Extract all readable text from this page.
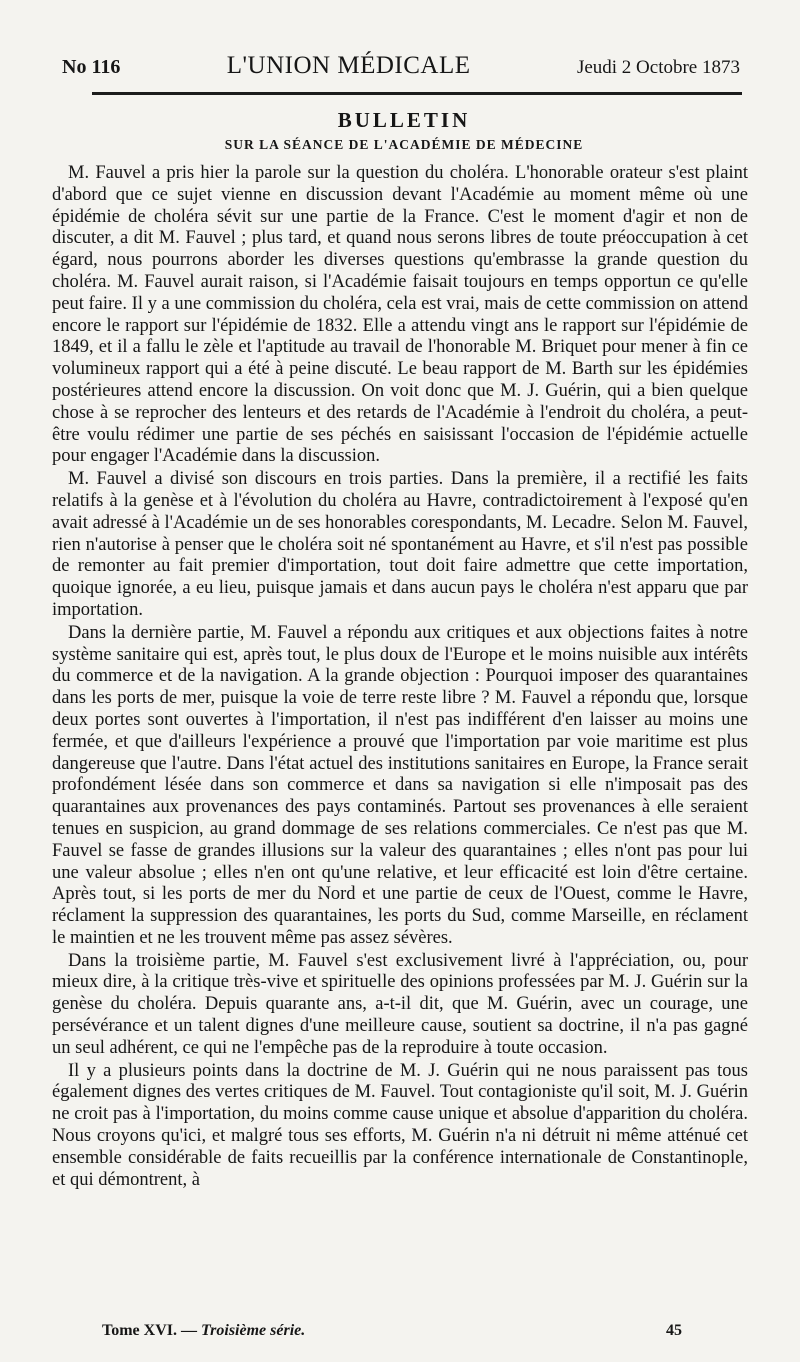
No 116	L'UNION MÉDICALE	Jeudi 2 Octobre 1873
BULLETIN
SUR LA SÉANCE DE L'ACADÉMIE DE MÉDECINE

M. Fauvel a pris hier la parole sur la question du choléra. L'honorable orateur s'est plaint d'abord que ce sujet vienne en discussion devant l'Académie au moment même où une épidémie de choléra sévit sur une partie de la France. C'est le moment d'agir et non de discuter, a dit M. Fauvel ; plus tard, et quand nous serons libres de toute préoccupation à cet égard, nous pourrons aborder les diverses questions qu'embrasse la grande question du choléra. M. Fauvel aurait raison, si l'Académie faisait toujours en temps opportun ce qu'elle peut faire. Il y a une commission du choléra, cela est vrai, mais de cette commission on attend encore le rapport sur l'épidémie de 1832. Elle a attendu vingt ans le rapport sur l'épidémie de 1849, et il a fallu le zèle et l'aptitude au travail de l'honorable M. Briquet pour mener à fin ce volumineux rapport qui a été à peine discuté. Le beau rapport de M. Barth sur les épidémies postérieures attend encore la discussion. On voit donc que M. J. Guérin, qui a bien quelque chose à se reprocher des lenteurs et des retards de l'Académie à l'endroit du choléra, a peut-être voulu rédimer une partie de ses péchés en saisissant l'occasion de l'épidémie actuelle pour engager l'Académie dans la discussion.

M. Fauvel a divisé son discours en trois parties. Dans la première, il a rectifié les faits relatifs à la genèse et à l'évolution du choléra au Havre, contradictoirement à l'exposé qu'en avait adressé à l'Académie un de ses honorables corespondants, M. Lecadre. Selon M. Fauvel, rien n'autorise à penser que le choléra soit né spontanément au Havre, et s'il n'est pas possible de remonter au fait premier d'importation, tout doit faire admettre que cette importation, quoique ignorée, a eu lieu, puisque jamais et dans aucun pays le choléra n'est apparu que par importation.

Dans la dernière partie, M. Fauvel a répondu aux critiques et aux objections faites à notre système sanitaire qui est, après tout, le plus doux de l'Europe et le moins nuisible aux intérêts du commerce et de la navigation. A la grande objection : Pourquoi imposer des quarantaines dans les ports de mer, puisque la voie de terre reste libre ? M. Fauvel a répondu que, lorsque deux portes sont ouvertes à l'importation, il n'est pas indifférent d'en laisser au moins une fermée, et que d'ailleurs l'expérience a prouvé que l'importation par voie maritime est plus dangereuse que l'autre. Dans l'état actuel des institutions sanitaires en Europe, la France serait profondément lésée dans son commerce et dans sa navigation si elle n'imposait pas des quarantaines aux provenances des pays contaminés. Partout ses provenances à elle seraient tenues en suspicion, au grand dommage de ses relations commerciales. Ce n'est pas que M. Fauvel se fasse de grandes illusions sur la valeur des quarantaines ; elles n'ont pas pour lui une valeur absolue ; elles n'en ont qu'une relative, et leur efficacité est loin d'être certaine. Après tout, si les ports de mer du Nord et une partie de ceux de l'Ouest, comme le Havre, réclament la suppression des quarantaines, les ports du Sud, comme Marseille, en réclament le maintien et ne les trouvent même pas assez sévères.

Dans la troisième partie, M. Fauvel s'est exclusivement livré à l'appréciation, ou, pour mieux dire, à la critique très-vive et spirituelle des opinions professées par M. J. Guérin sur la genèse du choléra. Depuis quarante ans, a-t-il dit, que M. Guérin, avec un courage, une persévérance et un talent dignes d'une meilleure cause, soutient sa doctrine, il n'a pas gagné un seul adhérent, ce qui ne l'empêche pas de la reproduire à toute occasion.

Il y a plusieurs points dans la doctrine de M. J. Guérin qui ne nous paraissent pas tous également dignes des vertes critiques de M. Fauvel. Tout contagioniste qu'il soit, M. J. Guérin ne croit pas à l'importation, du moins comme cause unique et absolue d'apparition du choléra. Nous croyons qu'ici, et malgré tous ses efforts, M. Guérin n'a ni détruit ni même atténué cet ensemble considérable de faits recueillis par la conférence internationale de Constantinople, et qui démontrent, à

Tome XVI. — Troisième série.	45
